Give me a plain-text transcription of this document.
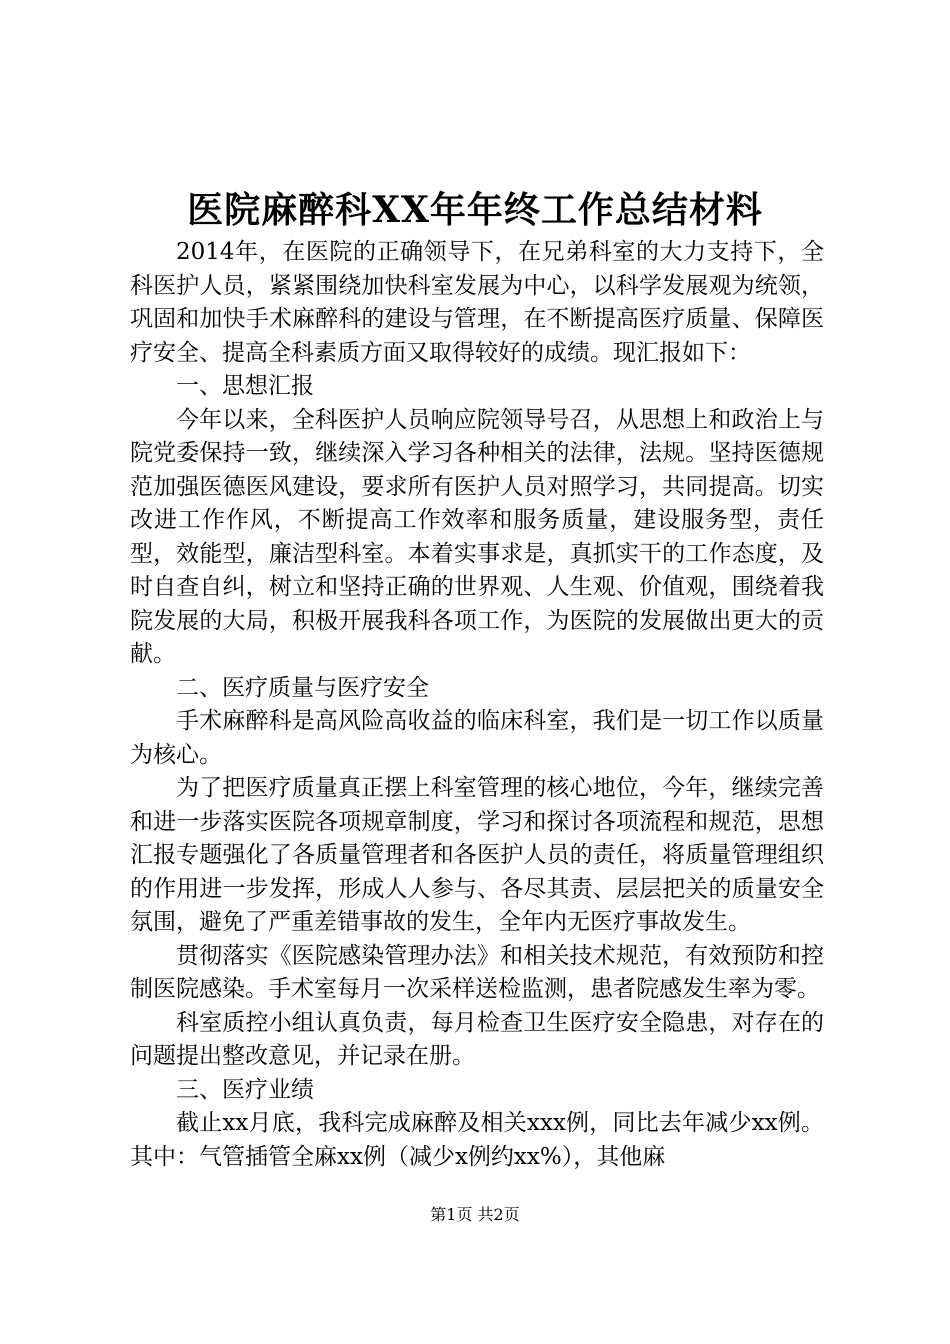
医院麻醉科XX年年终工作总结材料

2014年，在医院的正确领导下，在兄弟科室的大力支持下，全科医护人员，紧紧围绕加快科室发展为中心，以科学发展观为统领，巩固和加快手术麻醉科的建设与管理，在不断提高医疗质量、保障医疗安全、提高全科素质方面又取得较好的成绩。现汇报如下：

一、思想汇报

今年以来，全科医护人员响应院领导号召，从思想上和政治上与院党委保持一致，继续深入学习各种相关的法律，法规。坚持医德规范加强医德医风建设，要求所有医护人员对照学习，共同提高。切实改进工作作风，不断提高工作效率和服务质量，建设服务型，责任型，效能型，廉洁型科室。本着实事求是，真抓实干的工作态度，及时自查自纠，树立和坚持正确的世界观、人生观、价值观，围绕着我院发展的大局，积极开展我科各项工作，为医院的发展做出更大的贡献。

二、医疗质量与医疗安全

手术麻醉科是高风险高收益的临床科室，我们是一切工作以质量为核心。

为了把医疗质量真正摆上科室管理的核心地位，今年，继续完善和进一步落实医院各项规章制度，学习和探讨各项流程和规范，思想汇报专题强化了各质量管理者和各医护人员的责任，将质量管理组织的作用进一步发挥，形成人人参与、各尽其责、层层把关的质量安全氛围，避免了严重差错事故的发生，全年内无医疗事故发生。

贯彻落实《医院感染管理办法》和相关技术规范，有效预防和控制医院感染。手术室每月一次采样送检监测，患者院感发生率为零。

科室质控小组认真负责，每月检查卫生医疗安全隐患，对存在的问题提出整改意见，并记录在册。

三、医疗业绩

截止xx月底，我科完成麻醉及相关xxx例，同比去年减少xx例。其中：气管插管全麻xx例（减少x例约xx%），其他麻

第1页 共2页
